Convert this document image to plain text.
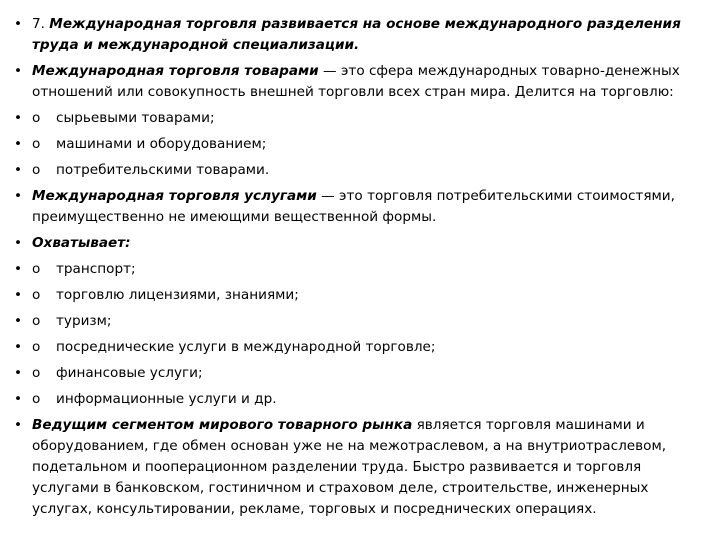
• 7. Международная торговля развивается на основе международного разделения труда и международной специализации.
• Международная торговля товарами — это сфера международных товарно-денежных отношений или совокупность внешней торговли всех стран мира. Делится на торговлю:
• o сырьевыми товарами;
• o машинами и оборудованием;
• o потребительскими товарами.
• Международная торговля услугами — это торговля потребительскими стоимостями, преимущественно не имеющими вещественной формы.
• Охватывает:
• o транспорт;
• o торговлю лицензиями, знаниями;
• o туризм;
• o посреднические услуги в международной торговле;
• o финансовые услуги;
• o информационные услуги и др.
• Ведущим сегментом мирового товарного рынка является торговля машинами и оборудованием, где обмен основан уже не на межотраслевом, а на внутриотраслевом, подетальном и пооперационном разделении труда. Быстро развивается и торговля услугами в банковском, гостиничном и страховом деле, строительстве, инженерных услугах, консультировании, рекламе, торговых и посреднических операциях.
